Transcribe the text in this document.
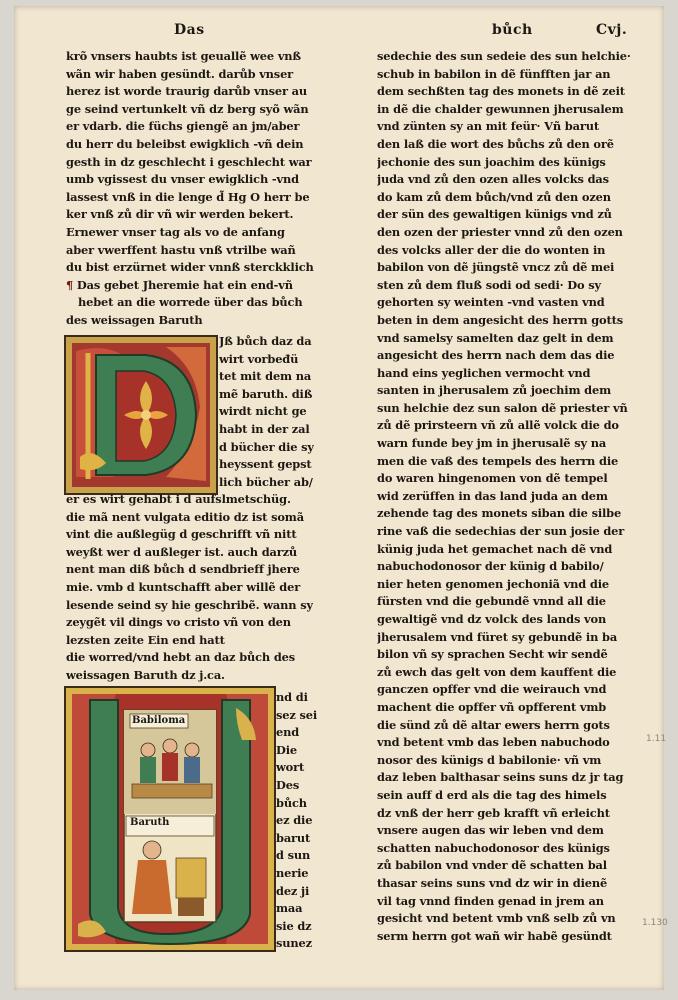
Das	bůch	Cvj.
krõ vnsers haubts ist geuallẽ wee vnß
wãn wir haben gesündt. darůb vnser
herez ist worde traurig darůb vnser au
ge seind vertunkelt vñ dz berg syõ wãn
er vdarb. die füchs giengẽ an jm/aber
du herr du beleibst ewigklich ‑vñ dein
gesth in dz geschlecht i geschlecht war
umb vgissest du vnser ewigklich ‑vnd
lassest vnß in die lenge d̃ Hg O herr be
ker vnß zů dir vñ wir werden bekert.
Ernewer vnser tag als vo de anfang
aber vwerffent hastu vnß vtrilbe wañ
du bist erzürnet wider vnnß sterckklich
¶ Das gebet Jheremie hat ein end‑vñ
hebet an die worrede über das bůch
des weissagen Baruth
Jß bůch daz da
wirt vorbeđü
tet mit dem na
mẽ baruth. diß
wirdt nicht ge
habt in der zal
d bücher die sy
heyssent gepst
lich bücher ab/
er es wirt gehabt i d aufslmetschüg.
die mã nent vulgata editio dz ist somã
vint die außlegüg d geschrifft vñ nitt
weyßt wer d außleger ist. auch darzů
nent man diß bůch d sendbrieff jhere
mie. vmb d kuntschafft aber willẽ der
lesende seind sy hie geschribẽ. wann sy
zeygẽt vil dings vo cristo vñ von den
lezsten zeite Ein end hatt
die worred/vnd hebt an daz bůch des
weissagen Baruth dz j.ca.
Babiloma
Baruth
nd di
sez sei
end
Die
wort
Des
bůch
ez die
barut
d sun
nerie
dez ji
maa
sie dz
sunez
sedechie des sun sedeie des sun helchie·
schub in babilon in dẽ fünfften jar an
dem sechßten tag des monets in dẽ zeit
in dẽ die chalder gewunnen jherusalem
vnd zünten sy an mit feür· Vñ barut
den laß die wort des bůchs zů den orẽ
jechonie des sun joachim des künigs
juda vnd zů den ozen alles volcks das
do kam zů dem bůch/vnd zů den ozen
der sün des gewaltigen künigs vnd zů
den ozen der priester vnnd zů den ozen
des volcks aller der die do wonten in
babilon von dẽ jüngstẽ vncz zů dẽ mei
sten zů dem fluß sodi od sedi· Do sy
gehorten sy weinten ‑vnd vasten vnd
beten in dem angesicht des herrn gotts
vnd samelsy samelten daz gelt in dem
angesicht des herrn nach dem das die
hand eins yeglichen vermocht vnd
santen in jherusalem zů joechim dem
sun helchie dez sun salon dẽ priester vñ
zů dẽ prirsteern vñ zů allẽ volck die do
warn funde bey jm in jherusalẽ sy na
men die vaß des tempels des herrn die
do waren hingenomen von dẽ tempel
wid zerüffen in das land juda an dem
zehende tag des monets siban die silbe
rine vaß die sedechias der sun josie der
künig juda het gemachet nach dẽ vnd
nabuchodonosor der künig d babilo/
nier heten genomen jechoniã vnd die
fürsten vnd die gebundẽ vnnd all die
gewaltigẽ vnd dz volck des lands von
jherusalem vnd füret sy gebundẽ in ba
bilon vñ sy sprachen Secht wir sendẽ
zů ewch das gelt von dem kauffent die
ganczen opffer vnd die weirauch vnd
machent die opffer vñ opfferent vmb
die sünd zů dẽ altar ewers herrn gots
vnd betent vmb das leben nabuchodo
nosor des künigs d babilonie· vñ vm
daz leben balthasar seins suns dz jr tag
sein auff d erd als die tag des himels
dz vnß der herr geb krafft vñ erleicht
vnsere augen das wir leben vnd dem
schatten nabuchodonosor des künigs
zů babilon vnd vnder dẽ schatten bal
thasar seins suns vnd dz wir in dienẽ
vil tag vnnd finden genad in jrem an
gesicht vnd betent vmb vnß selb zů vn
serm herrn got wañ wir habẽ gesündt
1.11
1.130
